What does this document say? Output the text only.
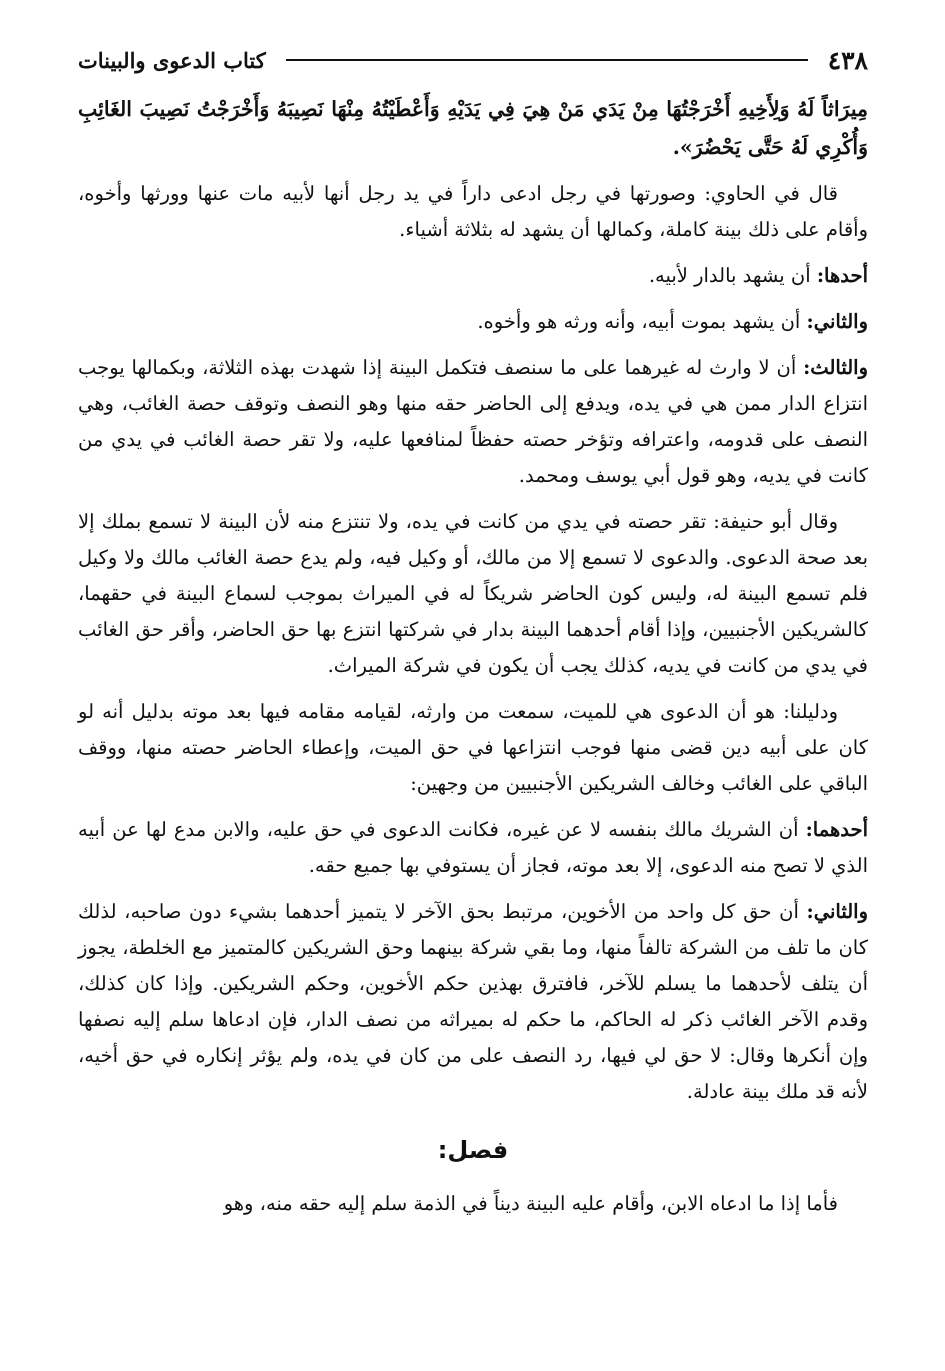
٤٣٨
كتاب الدعوى والبينات

مِيرَاثاً لَهُ وَلِأَخِيهِ أَخْرَجْتُهَا مِنْ يَدَي مَنْ هِيَ فِي يَدَيْهِ وَأَعْطَيْتُهُ مِنْهَا نَصِيبَهُ وَأَخْرَجْتُ نَصِيبَ الغَائِبِ وَأُكْرِي لَهُ حَتَّى يَحْضُرَ».

قال في الحاوي: وصورتها في رجل ادعى داراً في يد رجل أنها لأبيه مات عنها وورثها وأخوه، وأقام على ذلك بينة كاملة، وكمالها أن يشهد له بثلاثة أشياء.

أحدها: أن يشهد بالدار لأبيه.

والثاني: أن يشهد بموت أبيه، وأنه ورثه هو وأخوه.

والثالث: أن لا وارث له غيرهما على ما سنصف فتكمل البينة إذا شهدت بهذه الثلاثة، وبكمالها يوجب انتزاع الدار ممن هي في يده، ويدفع إلى الحاضر حقه منها وهو النصف وتوقف حصة الغائب، وهي النصف على قدومه، واعترافه وتؤخر حصته حفظاً لمنافعها عليه، ولا تقر حصة الغائب في يدي من كانت في يديه، وهو قول أبي يوسف ومحمد.

وقال أبو حنيفة: تقر حصته في يدي من كانت في يده، ولا تنتزع منه لأن البينة لا تسمع بملك إلا بعد صحة الدعوى. والدعوى لا تسمع إلا من مالك، أو وكيل فيه، ولم يدع حصة الغائب مالك ولا وكيل فلم تسمع البينة له، وليس كون الحاضر شريكاً له في الميراث بموجب لسماع البينة في حقهما، كالشريكين الأجنبيين، وإذا أقام أحدهما البينة بدار في شركتها انتزع بها حق الحاضر، وأقر حق الغائب في يدي من كانت في يديه، كذلك يجب أن يكون في شركة الميراث.

ودليلنا: هو أن الدعوى هي للميت، سمعت من وارثه، لقيامه مقامه فيها بعد موته بدليل أنه لو كان على أبيه دين قضى منها فوجب انتزاعها في حق الميت، وإعطاء الحاضر حصته منها، ووقف الباقي على الغائب وخالف الشريكين الأجنبيين من وجهين:

أحدهما: أن الشريك مالك بنفسه لا عن غيره، فكانت الدعوى في حق عليه، والابن مدع لها عن أبيه الذي لا تصح منه الدعوى، إلا بعد موته، فجاز أن يستوفي بها جميع حقه.

والثاني: أن حق كل واحد من الأخوين، مرتبط بحق الآخر لا يتميز أحدهما بشيء دون صاحبه، لذلك كان ما تلف من الشركة تالفاً منها، وما بقي شركة بينهما وحق الشريكين كالمتميز مع الخلطة، يجوز أن يتلف لأحدهما ما يسلم للآخر، فافترق بهذين حكم الأخوين، وحكم الشريكين. وإذا كان كذلك، وقدم الآخر الغائب ذكر له الحاكم، ما حكم له بميراثه من نصف الدار، فإن ادعاها سلم إليه نصفها وإن أنكرها وقال: لا حق لي فيها، رد النصف على من كان في يده، ولم يؤثر إنكاره في حق أخيه، لأنه قد ملك بينة عادلة.

فصل:

فأما إذا ما ادعاه الابن، وأقام عليه البينة ديناً في الذمة سلم إليه حقه منه، وهو
